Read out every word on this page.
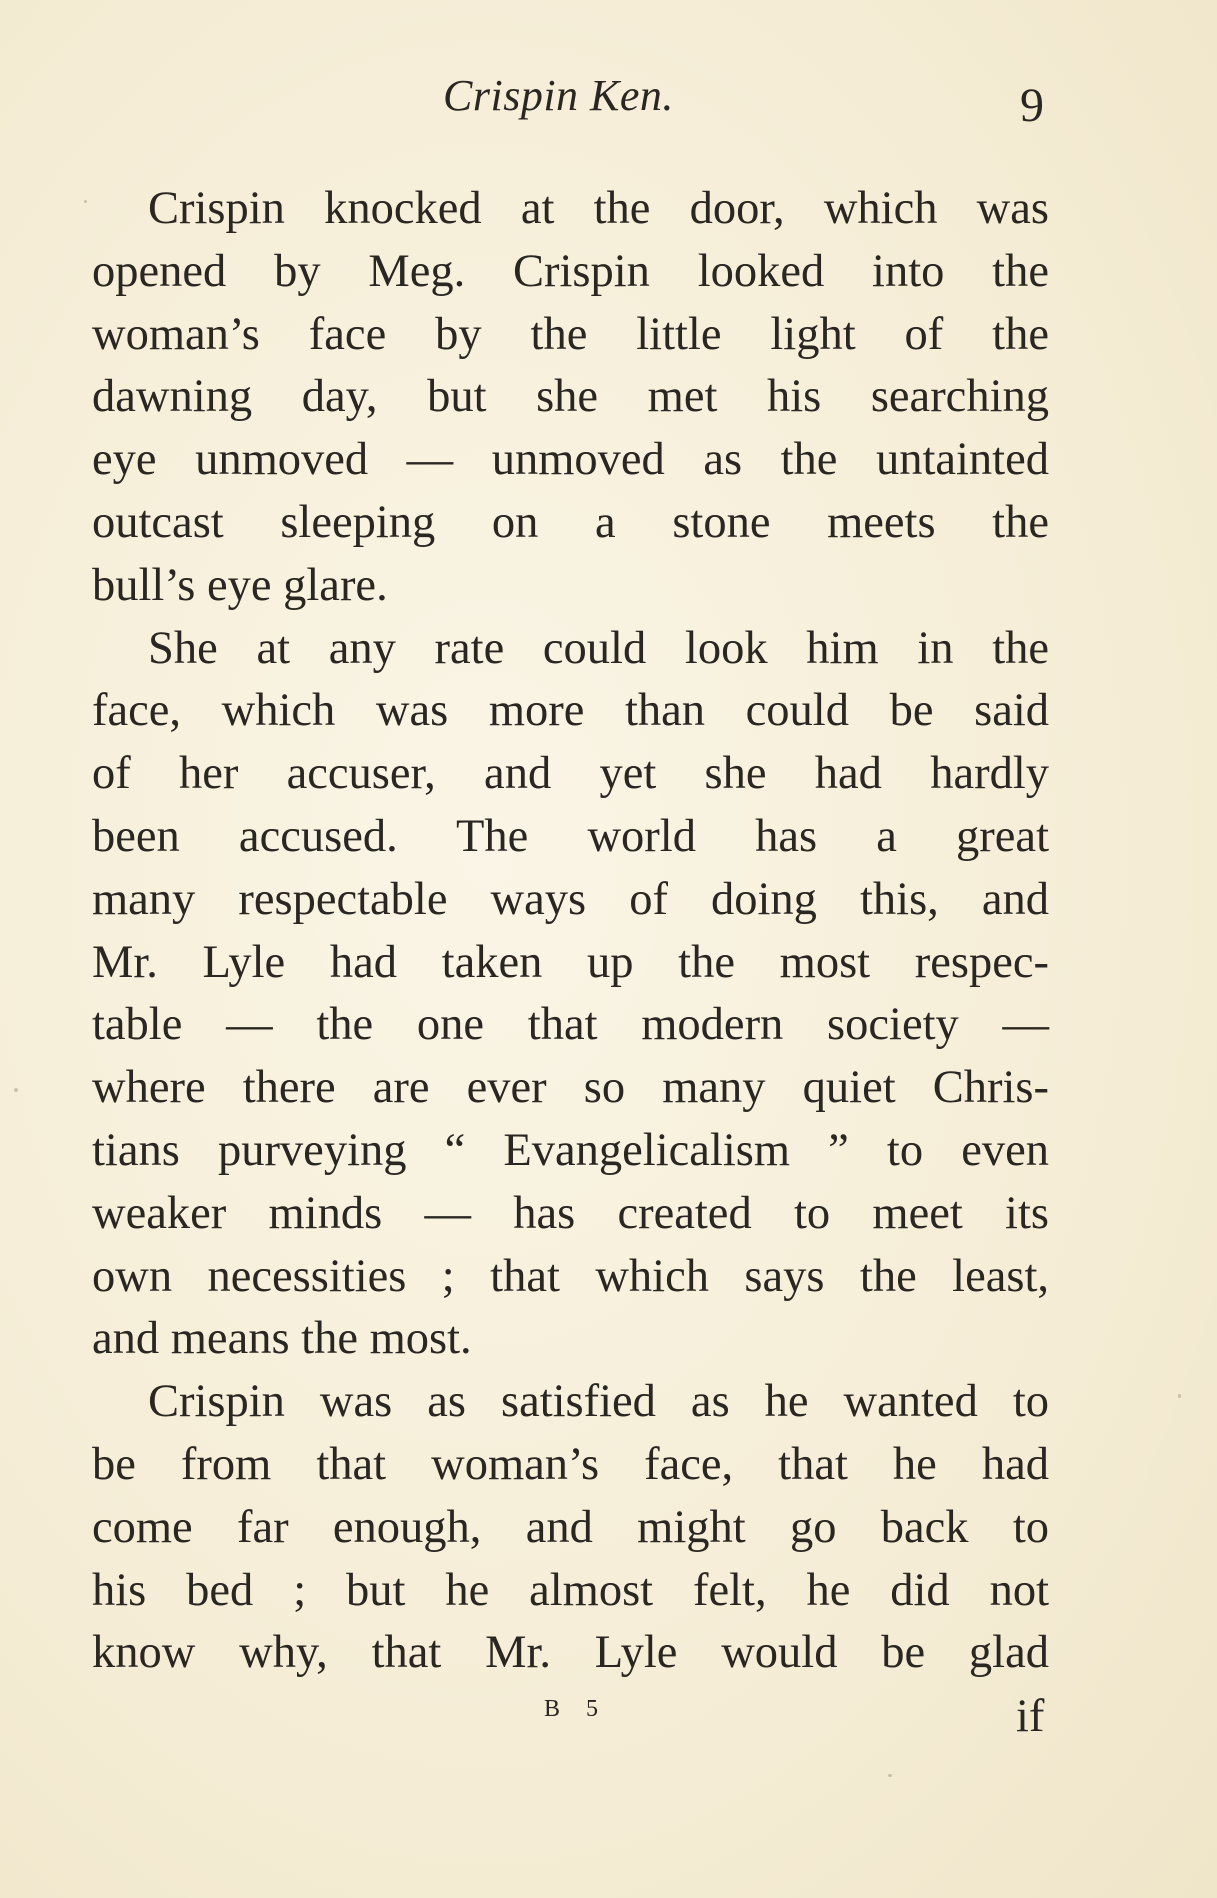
Crispin Ken.	9
Crispin knocked at the door, which was
opened by Meg. Crispin looked into the
woman’s face by the little light of the
dawning day, but she met his searching
eye unmoved — unmoved as the untainted
outcast sleeping on a stone meets the
bull’s eye glare.
She at any rate could look him in the
face, which was more than could be said
of her accuser, and yet she had hardly
been accused. The world has a great
many respectable ways of doing this, and
Mr. Lyle had taken up the most respec-
table — the one that modern society —
where there are ever so many quiet Chris-
tians purveying “ Evangelicalism ” to even
weaker minds — has created to meet its
own necessities ; that which says the least,
and means the most.
Crispin was as satisfied as he wanted to
be from that woman’s face, that he had
come far enough, and might go back to
his bed ; but he almost felt, he did not
know why, that Mr. Lyle would be glad
B 5	if
